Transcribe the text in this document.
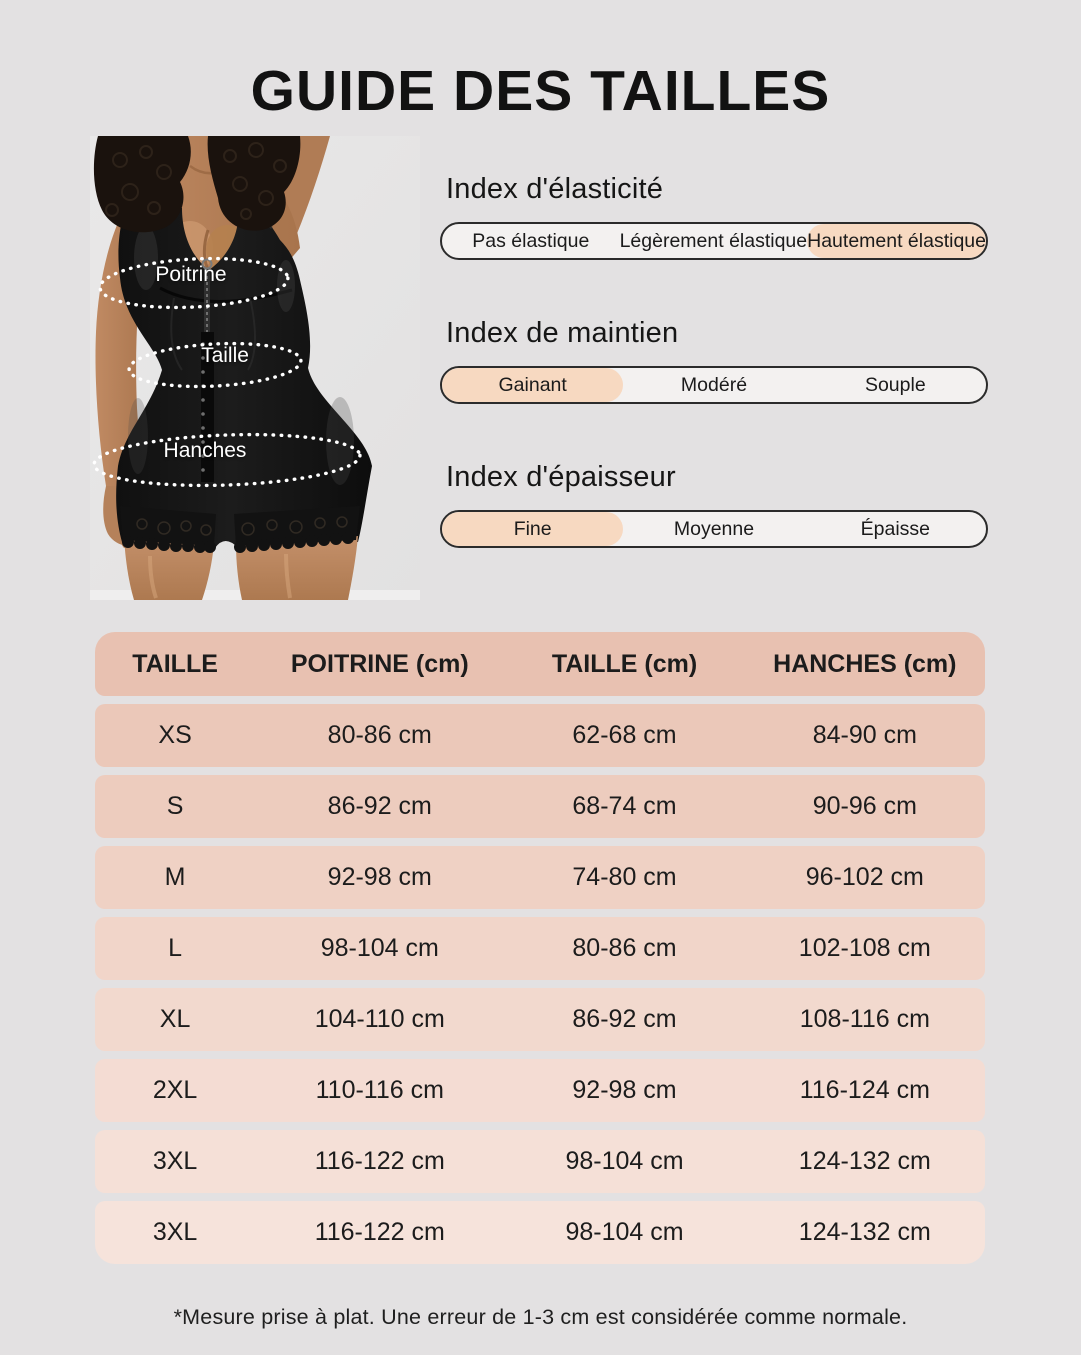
GUIDE DES TAILLES
Poitrine
Taille
Hanches
Index d'élasticité
Pas élastique	Légèrement élastique Hautement élastique
Index de maintien
Gainant	Modéré	Souple
Index d'épaisseur
Fine	Moyenne	Épaisse
TAILLE	POITRINE (cm)	TAILLE (cm)	HANCHES (cm)
XS	80-86 cm	62-68 cm	84-90 cm
S	86-92 cm	68-74 cm	90-96 cm
M	92-98 cm	74-80 cm	96-102 cm
L	98-104 cm	80-86 cm	102-108 cm
XL	104-110 cm	86-92 cm	108-116 cm
2XL	110-116 cm	92-98 cm	116-124 cm
3XL	116-122 cm	98-104 cm	124-132 cm
3XL	116-122 cm	98-104 cm	124-132 cm
*Mesure prise à plat. Une erreur de 1-3 cm est considérée comme normale.
